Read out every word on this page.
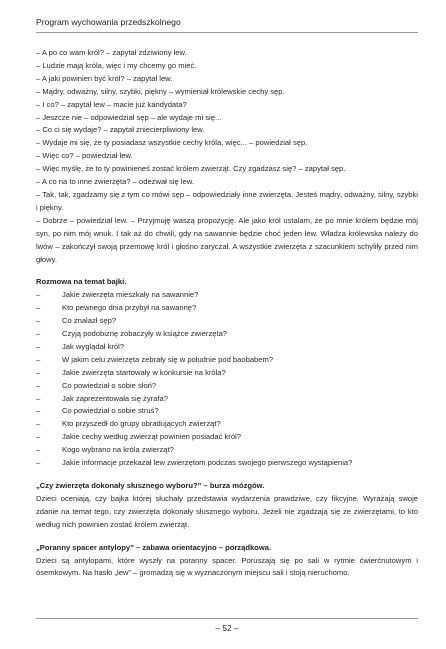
Program wychowania przedszkolnego

– A po co wam król? – zapytał zdziwiony lew.

– Ludzie mają króla, więc i my chcemy go mieć.

– A jaki powinien być król? – zapytał lew.

– Mądry, odważny, silny, szybki, piękny – wymieniał królewskie cechy sęp.

– I co? – zapytał lew – macie już kandydata?

– Jeszcze nie – odpowiedział sęp – ale wydaje mi się...

– Co ci się wydaje? – zapytał zniecierpliwiony lew.

– Wydaje mi się, że ty posiadasz wszystkie cechy króla, więc... – powiedział sęp.

– Więc co? – powiedział lew.

– Więc myślę, że to ty powinieneś zostać królem zwierząt. Czy zgadzasz się? – zapytał sęp.

– A co na to inne zwierzęta? – odezwał się lew.

– Tak, tak, zgadzamy się z tym co mówi sęp – odpowiedziały inne zwierzęta. Jesteś mądry, odważny, silny, szybki i piękny.

– Dobrze – powiedział lew. – Przyjmuję waszą propozycję. Ale jako król ustalam, że po mnie królem będzie mój syn, po nim mój wnuk. I tak aż do chwili, gdy na sawannie będzie choć jeden lew. Władza królewska należy do lwów – zakończył swoją przemowę król i głośno zaryczał. A wszystkie zwierzęta z szacunkiem schyliły przed nim głowy.

Rozmowa na temat bajki.

–	Jakie zwierzęta mieszkały na sawannie?
–	Kto pewnego dnia przybył na sawannę?
–	Co znalazł sęp?
–	Czyją podobiznę zobaczyły w książce zwierzęta?
–	Jak wyglądał król?
–	W jakim celu zwierzęta zebrały się w południe pod baobabem?
–	Jakie zwierzęta startowały w konkursie na króla?
–	Co powiedział o sobie słoń?
–	Jak zaprezentowała się żyrafa?
–	Co powiedział o sobie struś?
–	Kto przyszedł do grupy obradujących zwierząt?
–	Jakie cechy według zwierząt powinien posiadać król?
–	Kogo wybrano na króla zwierząt?
–	Jakie informacje przekazał lew zwierzętom podczas swojego pierwszego wystąpienia?

„Czy zwierzęta dokonały słusznego wyboru?” – burza mózgów.

Dzieci oceniają, czy bajka której słuchały przedstawia wydarzenia prawdziwe, czy fikcyjne. Wyrażają swoje zdanie na temat tego, czy zwierzęta dokonały słusznego wyboru. Jeżeli nie zgadzają się ze zwierzętami, to kto według nich powinien zostać królem zwierząt.

„Poranny spacer antylopy” – zabawa orientacyjno – porządkowa.

Dzieci są antylopami, które wyszły na poranny spacer. Poruszają się po sali w rytmie ćwierćnutowym i ósemkowym. Na hasło „lew” – gromadzą się w wyznaczonym miejscu sali i stoją nieruchomo.

– 52 –
